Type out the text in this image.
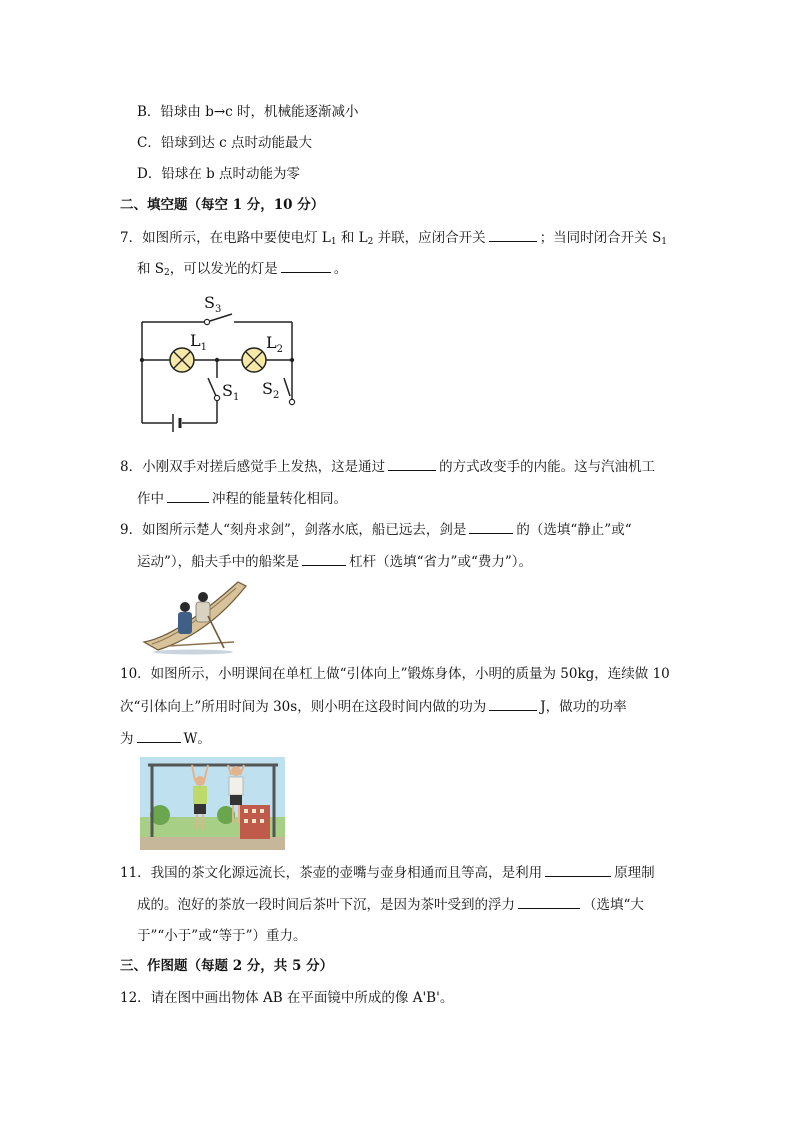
B．铅球由 b→c 时，机械能逐渐减小
C．铅球到达 c 点时动能最大
D．铅球在 b 点时动能为零
二、填空题（每空 1 分，10 分）
7．如图所示，在电路中要使电灯 $L_1$ 和 $L_2$ 并联，应闭合开关	；当同时闭合开关 $S_1$
和 $S_2$，可以发光的灯是	。
$S_3$
$L_1$	$L_2$
$S_1$ $S_2$
8．小刚双手对搓后感觉手上发热，这是通过	的方式改变手的内能。这与汽油机工
作中	冲程的能量转化相同。
9．如图所示楚人“刻舟求剑”，剑落水底，船已远去，剑是	的（选填“静止”或“
运动”），船夫手中的船桨是	杠杆（选填“省力”或“费力”）。
10．如图所示，小明课间在单杠上做“引体向上”锻炼身体，小明的质量为 50kg，连续做 10
次“引体向上”所用时间为 30s，则小明在这段时间内做的功为	J，做功的功率
为	W。
11．我国的茶文化源远流长，茶壶的壶嘴与壶身相通而且等高，是利用	原理制
成的。泡好的茶放一段时间后茶叶下沉，是因为茶叶受到的浮力	（选填“大
于”“小于”或“等于”）重力。
三、作图题（每题 2 分，共 5 分）
12．请在图中画出物体 AB 在平面镜中所成的像 A'B'。
